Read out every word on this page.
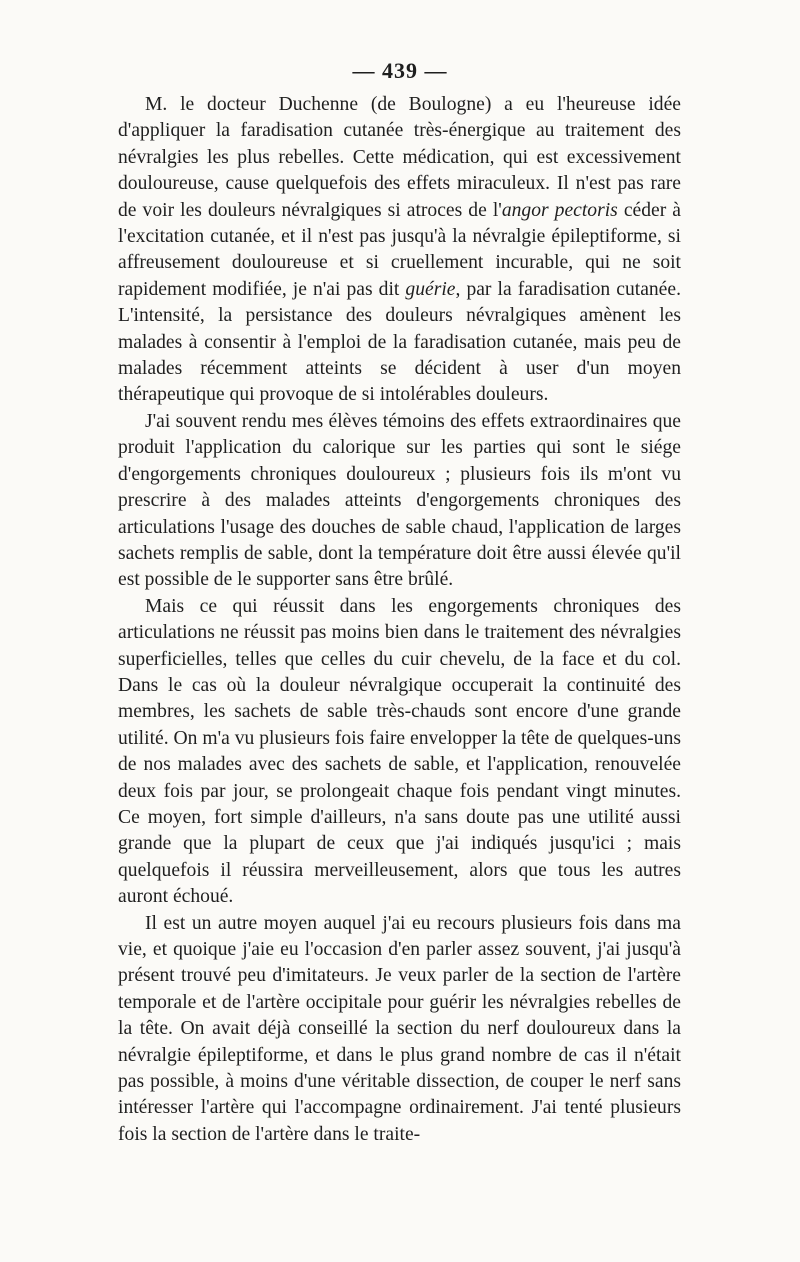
— 439 —

M. le docteur Duchenne (de Boulogne) a eu l'heureuse idée d'appliquer la faradisation cutanée très-énergique au traitement des névralgies les plus rebelles. Cette médication, qui est excessivement douloureuse, cause quelquefois des effets miraculeux. Il n'est pas rare de voir les douleurs névralgiques si atroces de l'angor pectoris céder à l'excitation cutanée, et il n'est pas jusqu'à la névralgie épileptiforme, si affreusement douloureuse et si cruellement incurable, qui ne soit rapidement modifiée, je n'ai pas dit guérie, par la faradisation cutanée. L'intensité, la persistance des douleurs névralgiques amènent les malades à consentir à l'emploi de la faradisation cutanée, mais peu de malades récemment atteints se décident à user d'un moyen thérapeutique qui provoque de si intolérables douleurs.

J'ai souvent rendu mes élèves témoins des effets extraordinaires que produit l'application du calorique sur les parties qui sont le siége d'engorgements chroniques douloureux ; plusieurs fois ils m'ont vu prescrire à des malades atteints d'engorgements chroniques des articulations l'usage des douches de sable chaud, l'application de larges sachets remplis de sable, dont la température doit être aussi élevée qu'il est possible de le supporter sans être brûlé.

Mais ce qui réussit dans les engorgements chroniques des articulations ne réussit pas moins bien dans le traitement des névralgies superficielles, telles que celles du cuir chevelu, de la face et du col. Dans le cas où la douleur névralgique occuperait la continuité des membres, les sachets de sable très-chauds sont encore d'une grande utilité. On m'a vu plusieurs fois faire envelopper la tête de quelques-uns de nos malades avec des sachets de sable, et l'application, renouvelée deux fois par jour, se prolongeait chaque fois pendant vingt minutes. Ce moyen, fort simple d'ailleurs, n'a sans doute pas une utilité aussi grande que la plupart de ceux que j'ai indiqués jusqu'ici ; mais quelquefois il réussira merveilleusement, alors que tous les autres auront échoué.

Il est un autre moyen auquel j'ai eu recours plusieurs fois dans ma vie, et quoique j'aie eu l'occasion d'en parler assez souvent, j'ai jusqu'à présent trouvé peu d'imitateurs. Je veux parler de la section de l'artère temporale et de l'artère occipitale pour guérir les névralgies rebelles de la tête. On avait déjà conseillé la section du nerf douloureux dans la névralgie épileptiforme, et dans le plus grand nombre de cas il n'était pas possible, à moins d'une véritable dissection, de couper le nerf sans intéresser l'artère qui l'accompagne ordinairement. J'ai tenté plusieurs fois la section de l'artère dans le traite-
